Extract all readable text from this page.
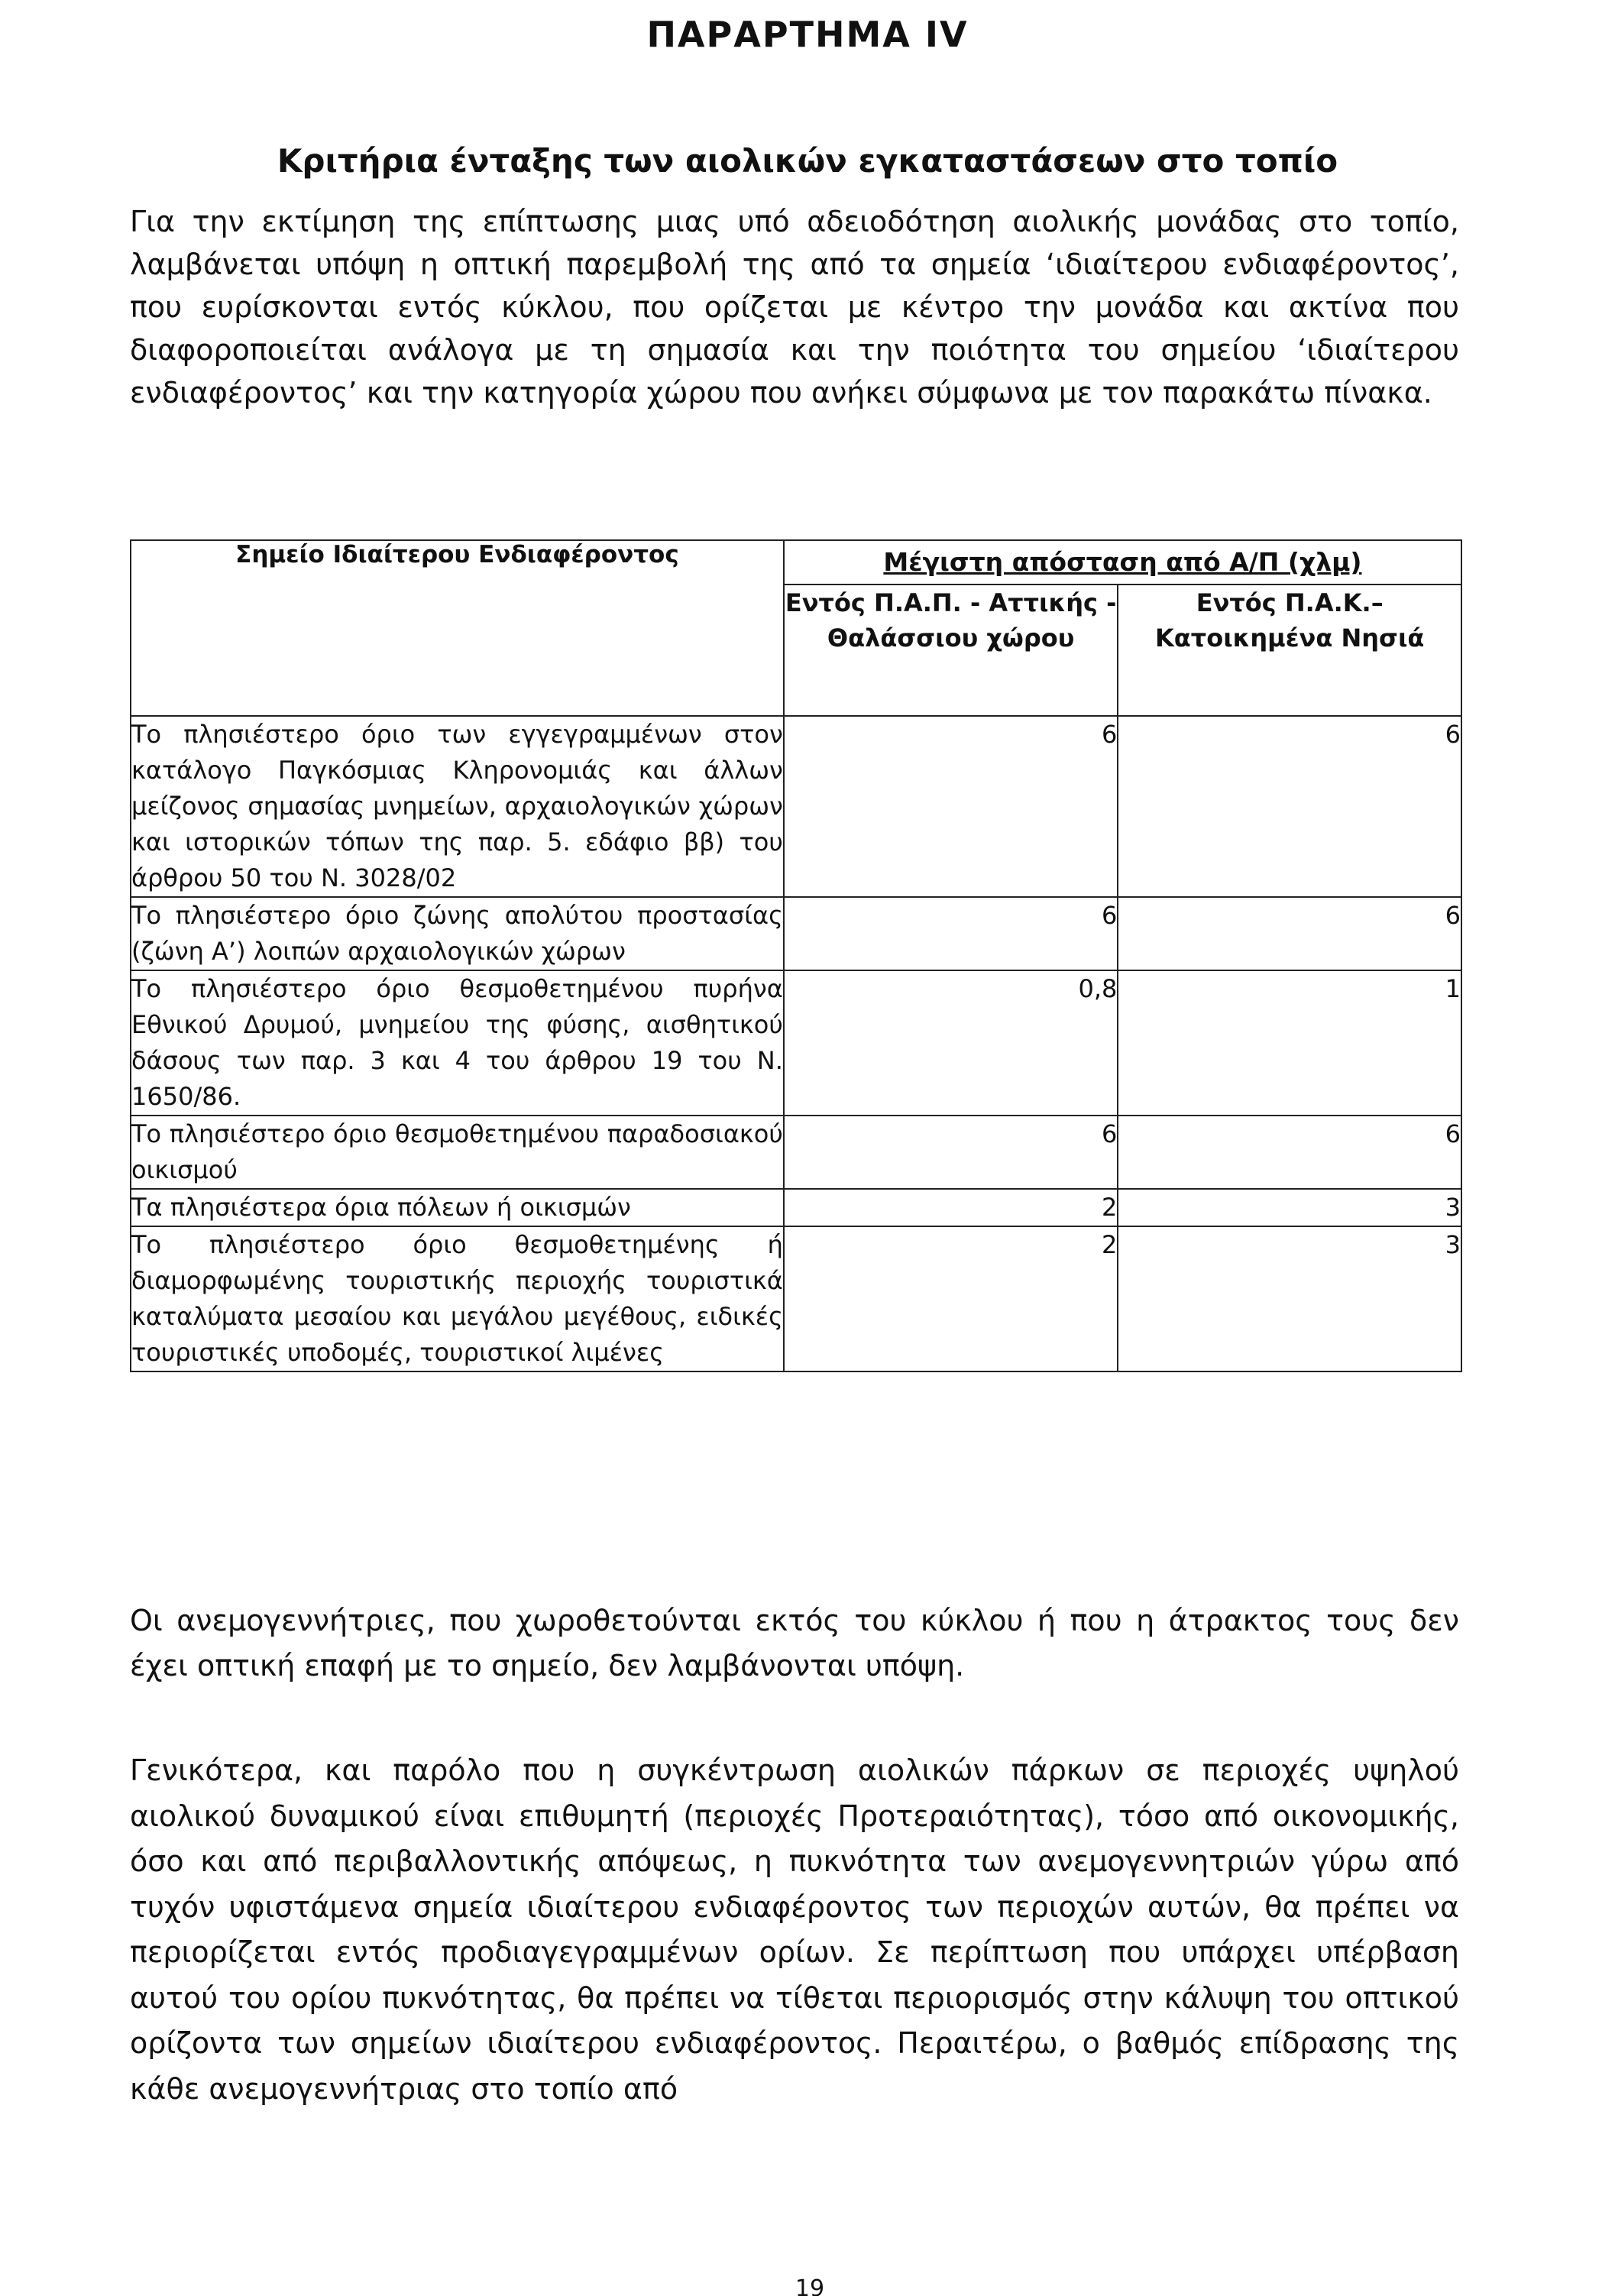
ΠΑΡΑΡΤΗΜΑ IV
Κριτήρια ένταξης των αιολικών εγκαταστάσεων στο τοπίο

Για την εκτίμηση της επίπτωσης μιας υπό αδειοδότηση αιολικής μονάδας στο τοπίο, λαμβάνεται υπόψη η οπτική παρεμβολή της από τα σημεία ‘ιδιαίτερου ενδιαφέροντος’, που ευρίσκονται εντός κύκλου, που ορίζεται με κέντρο την μονάδα και ακτίνα που διαφοροποιείται ανάλογα με τη σημασία και την ποιότητα του σημείου ‘ιδιαίτερου ενδιαφέροντος’ και την κατηγορία χώρου που ανήκει σύμφωνα με τον παρακάτω πίνακα.

Σημείο Ιδιαίτερου Ενδιαφέροντος	Μέγιστη απόσταση από Α/Π (χλμ)	
	Εντός Π.Α.Π. - Αττικής - Θαλάσσιου χώρου	Εντός Π.Α.Κ.– Κατοικημένα Νησιά
Το πλησιέστερο όριο των εγγεγραμμένων στον κατάλογο Παγκόσμιας Κληρονομιάς και άλλων μείζονος σημασίας μνημείων, αρχαιολογικών χώρων και ιστορικών τόπων της παρ. 5. εδάφιο ββ) του άρθρου 50 του Ν. 3028/02	6	6
Το πλησιέστερο όριο ζώνης απολύτου προστασίας (ζώνη Α’) λοιπών αρχαιολογικών χώρων	6	6
Το πλησιέστερο όριο θεσμοθετημένου πυρήνα Εθνικού Δρυμού, μνημείου της φύσης, αισθητικού δάσους των παρ. 3 και 4 του άρθρου 19 του Ν. 1650/86.	0,8	1
Το πλησιέστερο όριο θεσμοθετημένου παραδοσιακού οικισμού	6	6
Τα πλησιέστερα όρια πόλεων ή οικισμών	2	3
Το πλησιέστερο όριο θεσμοθετημένης ή διαμορφωμένης τουριστικής περιοχής τουριστικά καταλύματα μεσαίου και μεγάλου μεγέθους, ειδικές τουριστικές υποδομές, τουριστικοί λιμένες	2	3

Οι ανεμογεννήτριες, που χωροθετούνται εκτός του κύκλου ή που η άτρακτος τους δεν έχει οπτική επαφή με το σημείο, δεν λαμβάνονται υπόψη.

Γενικότερα, και παρόλο που η συγκέντρωση αιολικών πάρκων σε περιοχές υψηλού αιολικού δυναμικού είναι επιθυμητή (περιοχές Προτεραιότητας), τόσο από οικονομικής, όσο και από περιβαλλοντικής απόψεως, η πυκνότητα των ανεμογεννητριών γύρω από τυχόν υφιστάμενα σημεία ιδιαίτερου ενδιαφέροντος των περιοχών αυτών, θα πρέπει να περιορίζεται εντός προδιαγεγραμμένων ορίων. Σε περίπτωση που υπάρχει υπέρβαση αυτού του ορίου πυκνότητας, θα πρέπει να τίθεται περιορισμός στην κάλυψη του οπτικού ορίζοντα των σημείων ιδιαίτερου ενδιαφέροντος. Περαιτέρω, ο βαθμός επίδρασης της κάθε ανεμογεννήτριας στο τοπίο από

19
